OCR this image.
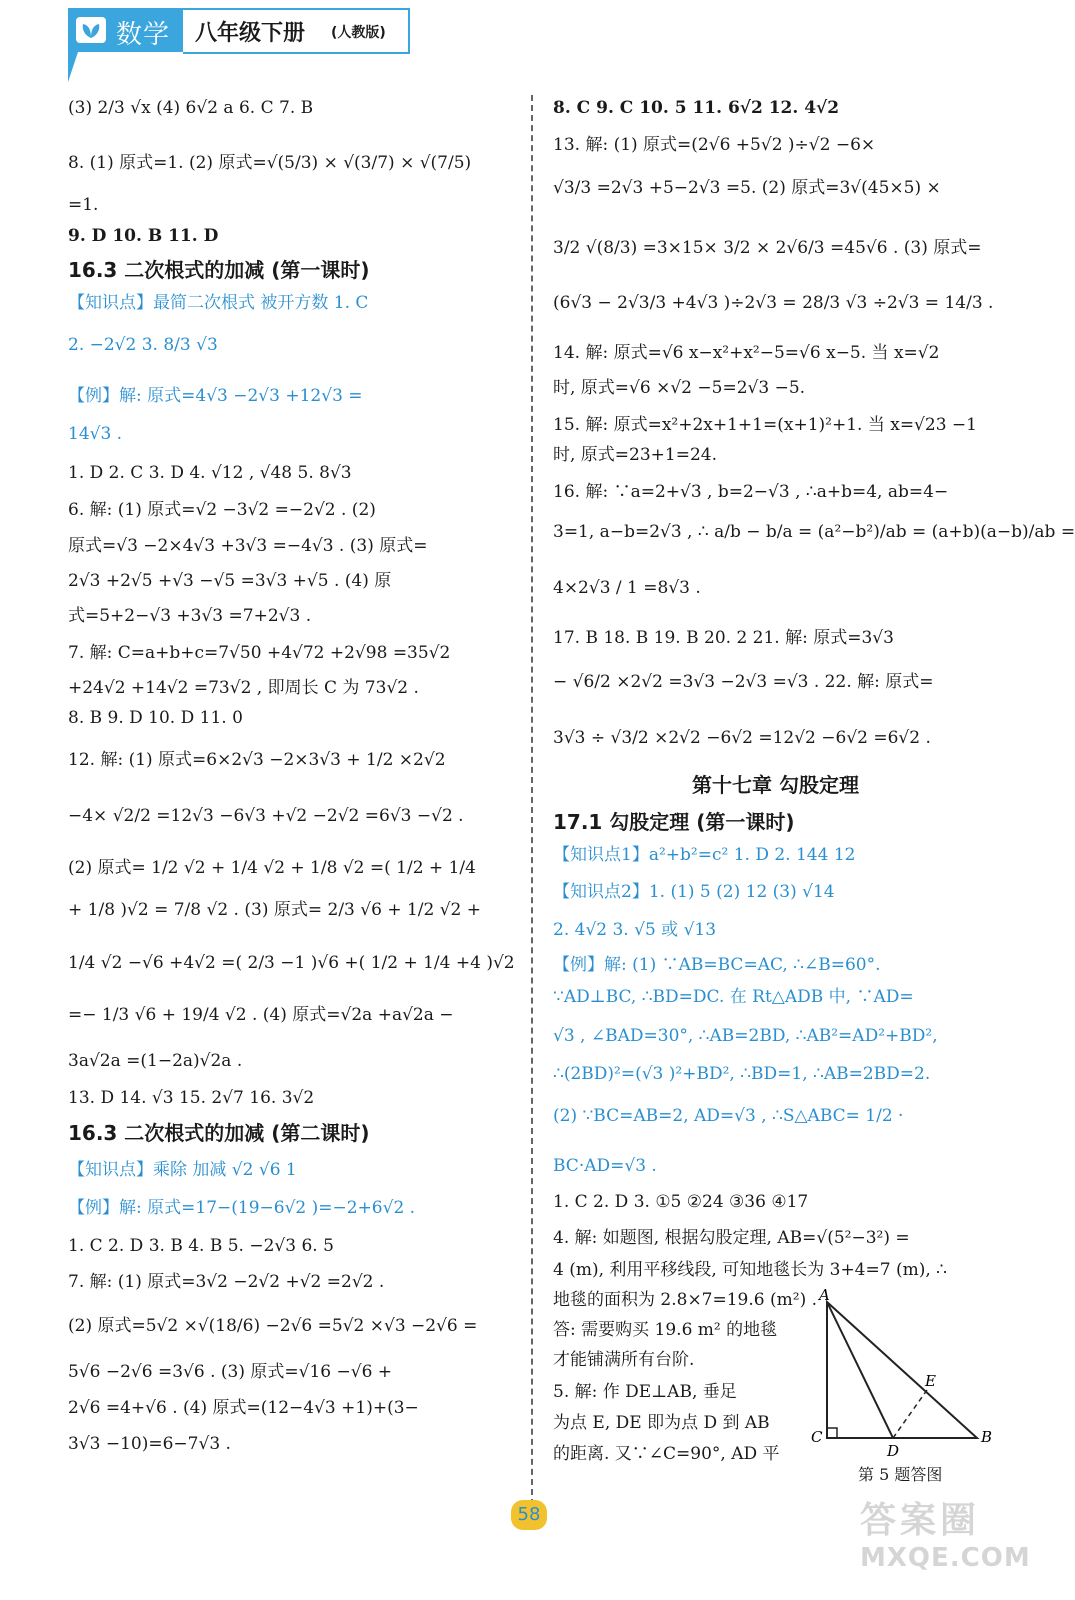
数学 八年级下册 (人教版)

(3) 2/3 √x (4) 6√2 a 6. C 7. B

8. (1) 原式=1. (2) 原式=√(5/3) × √(3/7) × √(7/5)

=1.

9. D 10. B 11. D

16.3 二次根式的加减 (第一课时)

【知识点】最简二次根式 被开方数 1. C

2. −2√2 3. 8/3 √3

【例】解: 原式=4√3 −2√3 +12√3 =

14√3 .

1. D 2. C 3. D 4. √12 , √48 5. 8√3

6. 解: (1) 原式=√2 −3√2 =−2√2 . (2)

原式=√3 −2×4√3 +3√3 =−4√3 . (3) 原式=

2√3 +2√5 +√3 −√5 =3√3 +√5 . (4) 原

式=5+2−√3 +3√3 =7+2√3 .

7. 解: C=a+b+c=7√50 +4√72 +2√98 =35√2

+24√2 +14√2 =73√2 , 即周长 C 为 73√2 .

8. B 9. D 10. D 11. 0

12. 解: (1) 原式=6×2√3 −2×3√3 + 1/2 ×2√2

−4× √2/2 =12√3 −6√3 +√2 −2√2 =6√3 −√2 .

(2) 原式= 1/2 √2 + 1/4 √2 + 1/8 √2 =( 1/2 + 1/4

+ 1/8 )√2 = 7/8 √2 . (3) 原式= 2/3 √6 + 1/2 √2 +

1/4 √2 −√6 +4√2 =( 2/3 −1 )√6 +( 1/2 + 1/4 +4 )√2

=− 1/3 √6 + 19/4 √2 . (4) 原式=√2a +a√2a −

3a√2a =(1−2a)√2a .

13. D 14. √3 15. 2√7 16. 3√2

16.3 二次根式的加减 (第二课时)

【知识点】乘除 加减 √2 √6 1

【例】解: 原式=17−(19−6√2 )=−2+6√2 .

1. C 2. D 3. B 4. B 5. −2√3 6. 5

7. 解: (1) 原式=3√2 −2√2 +√2 =2√2 .

(2) 原式=5√2 ×√(18/6) −2√6 =5√2 ×√3 −2√6 =

5√6 −2√6 =3√6 . (3) 原式=√16 −√6 +

2√6 =4+√6 . (4) 原式=(12−4√3 +1)+(3−

3√3 −10)=6−7√3 .

8. C 9. C 10. 5 11. 6√2 12. 4√2

13. 解: (1) 原式=(2√6 +5√2 )÷√2 −6×

√3/3 =2√3 +5−2√3 =5. (2) 原式=3√(45×5) ×

3/2 √(8/3) =3×15× 3/2 × 2√6/3 =45√6 . (3) 原式=

(6√3 − 2√3/3 +4√3 )÷2√3 = 28/3 √3 ÷2√3 = 14/3 .

14. 解: 原式=√6 x−x²+x²−5=√6 x−5. 当 x=√2

时, 原式=√6 ×√2 −5=2√3 −5.

15. 解: 原式=x²+2x+1+1=(x+1)²+1. 当 x=√23 −1

时, 原式=23+1=24.

16. 解: ∵a=2+√3 , b=2−√3 , ∴a+b=4, ab=4−

3=1, a−b=2√3 , ∴ a/b − b/a = (a²−b²)/ab = (a+b)(a−b)/ab =

4×2√3 / 1 =8√3 .

17. B 18. B 19. B 20. 2 21. 解: 原式=3√3

− √6/2 ×2√2 =3√3 −2√3 =√3 . 22. 解: 原式=

3√3 ÷ √3/2 ×2√2 −6√2 =12√2 −6√2 =6√2 .

第十七章 勾股定理

17.1 勾股定理 (第一课时)

【知识点1】a²+b²=c² 1. D 2. 144 12

【知识点2】1. (1) 5 (2) 12 (3) √14

2. 4√2 3. √5 或 √13

【例】解: (1) ∵AB=BC=AC, ∴∠B=60°.

∵AD⊥BC, ∴BD=DC. 在 Rt△ADB 中, ∵AD=

√3 , ∠BAD=30°, ∴AB=2BD, ∴AB²=AD²+BD²,

∴(2BD)²=(√3 )²+BD², ∴BD=1, ∴AB=2BD=2.

(2) ∵BC=AB=2, AD=√3 , ∴S△ABC= 1/2 ·

BC·AD=√3 .

1. C 2. D 3. ①5 ②24 ③36 ④17

4. 解: 如题图, 根据勾股定理, AB=√(5²−3²) =

4 (m), 利用平移线段, 可知地毯长为 3+4=7 (m), ∴

地毯的面积为 2.8×7=19.6 (m²) .

答: 需要购买 19.6 m² 的地毯

才能铺满所有台阶.

5. 解: 作 DE⊥AB, 垂足

为点 E, DE 即为点 D 到 AB

的距离. 又∵∠C=90°, AD 平

A
C
D
B
E
第 5 题答图
58	答案圈
MXQE.COM
